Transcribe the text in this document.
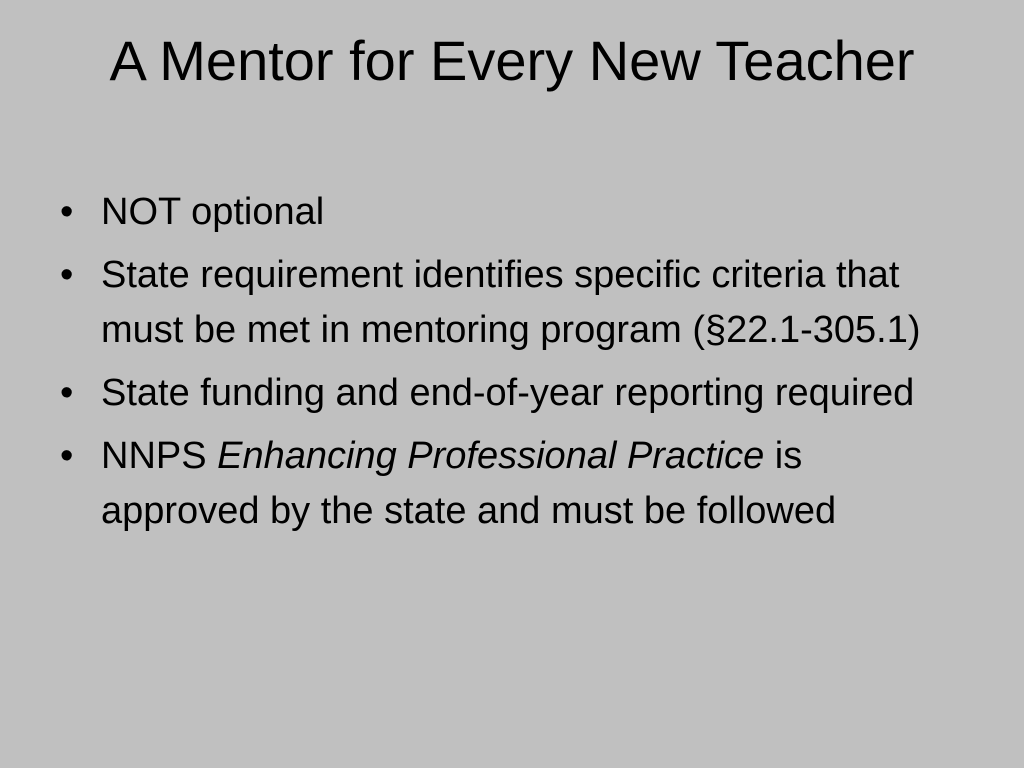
A Mentor for Every New Teacher
• NOT optional
• State requirement identifies specific criteria that must be met in mentoring program (§22.1-305.1)
• State funding and end-of-year reporting required
• NNPS Enhancing Professional Practice is approved by the state and must be followed
